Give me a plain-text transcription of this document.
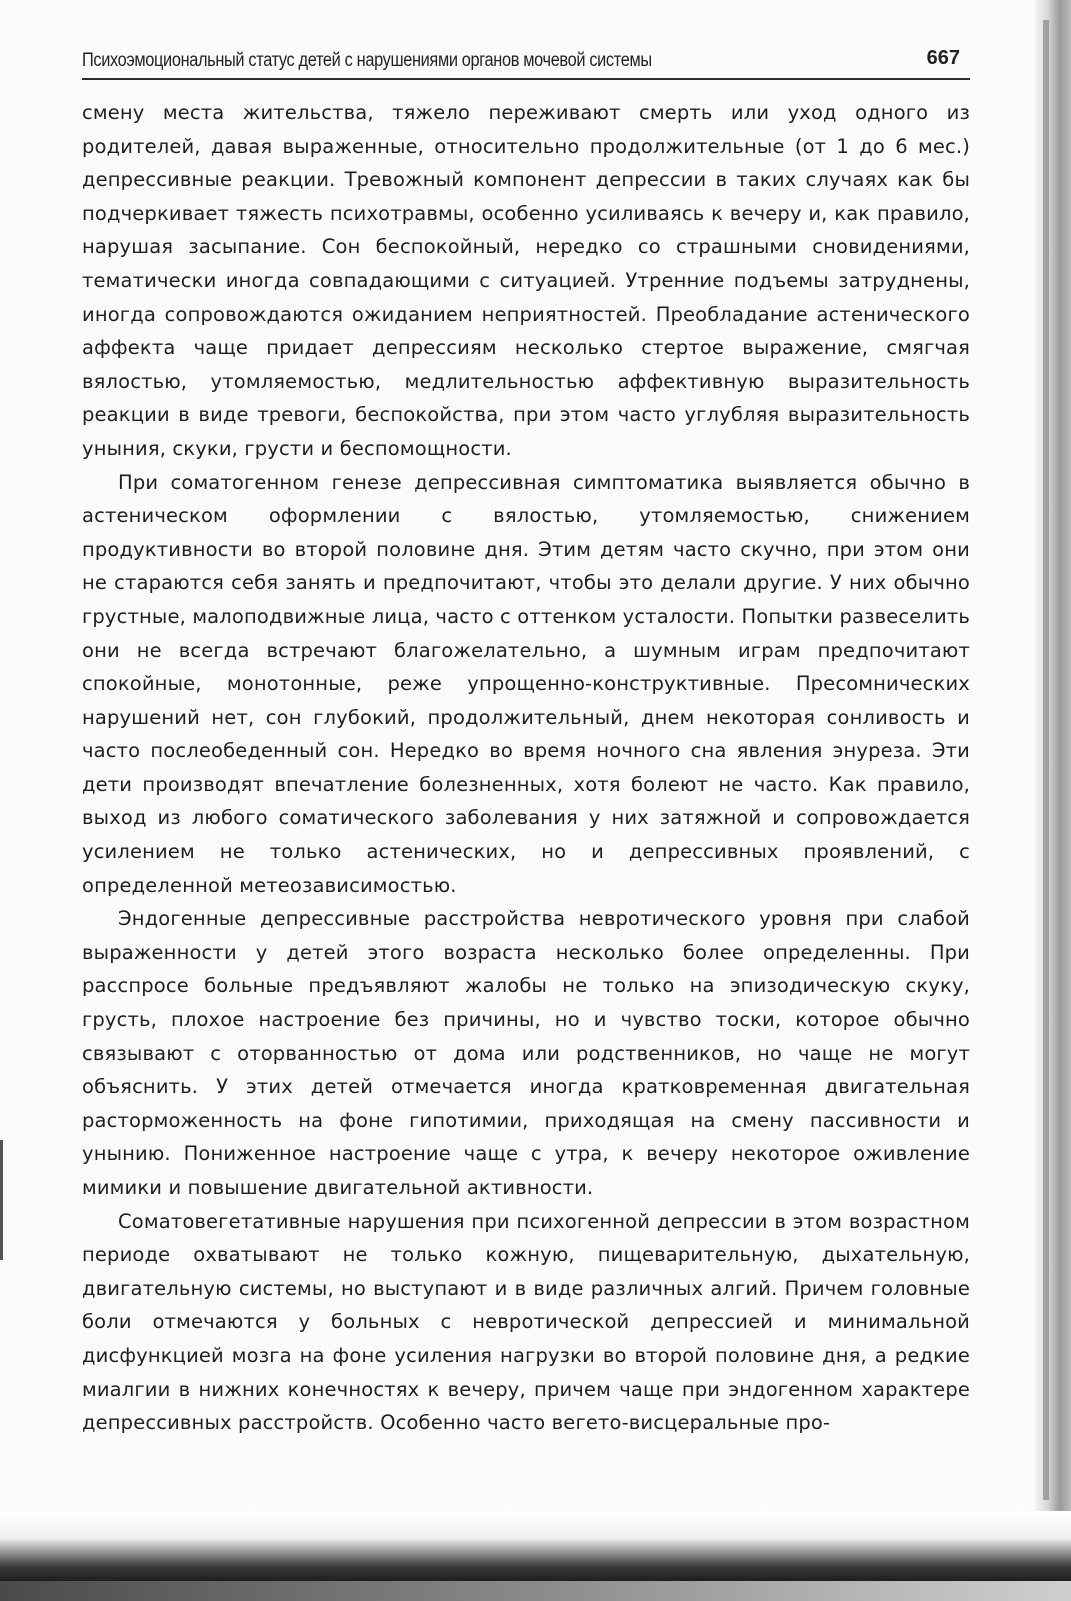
Психоэмоциональный статус детей с нарушениями органов мочевой системы	667

смену места жительства, тяжело переживают смерть или уход одного из родителей, давая выраженные, относительно продолжительные (от 1 до 6 мес.) депрессивные реакции. Тревожный компонент депрессии в таких случаях как бы подчеркивает тяжесть психотравмы, особенно усиливаясь к вечеру и, как правило, нарушая засыпание. Сон беспокойный, нередко со страшными сновидениями, тематически иногда совпадающими с ситуацией. Утренние подъемы затруднены, иногда сопровождаются ожиданием неприятностей. Преобладание астенического аффекта чаще придает депрессиям несколько стертое выражение, смягчая вялостью, утомляемостью, медлительностью аффективную выразительность реакции в виде тревоги, беспокойства, при этом часто углубляя выразительность уныния, скуки, грусти и беспомощности.

При соматогенном генезе депрессивная симптоматика выявляется обычно в астеническом оформлении с вялостью, утомляемостью, снижением продуктивности во второй половине дня. Этим детям часто скучно, при этом они не стараются себя занять и предпочитают, чтобы это делали другие. У них обычно грустные, малоподвижные лица, часто с оттенком усталости. Попытки развеселить они не всегда встречают благожелательно, а шумным играм предпочитают спокойные, монотонные, реже упрощенно-конструктивные. Пресомнических нарушений нет, сон глубокий, продолжительный, днем некоторая сонливость и часто послеобеденный сон. Нередко во время ночного сна явления энуреза. Эти дети производят впечатление болезненных, хотя болеют не часто. Как правило, выход из любого соматического заболевания у них затяжной и сопровождается усилением не только астенических, но и депрессивных проявлений, с определенной метеозависимостью.

Эндогенные депрессивные расстройства невротического уровня при слабой выраженности у детей этого возраста несколько более определенны. При расспросе больные предъявляют жалобы не только на эпизодическую скуку, грусть, плохое настроение без причины, но и чувство тоски, которое обычно связывают с оторванностью от дома или родственников, но чаще не могут объяснить. У этих детей отмечается иногда кратковременная двигательная расторможенность на фоне гипотимии, приходящая на смену пассивности и унынию. Пониженное настроение чаще с утра, к вечеру некоторое оживление мимики и повышение двигательной активности.

Соматовегетативные нарушения при психогенной депрессии в этом возрастном периоде охватывают не только кожную, пищеварительную, дыхательную, двигательную системы, но выступают и в виде различных алгий. Причем головные боли отмечаются у больных с невротической депрессией и минимальной дисфункцией мозга на фоне усиления нагрузки во второй половине дня, а редкие миалгии в нижних конечностях к вечеру, причем чаще при эндогенном характере депрессивных расстройств. Особенно часто вегето-висцеральные про-
